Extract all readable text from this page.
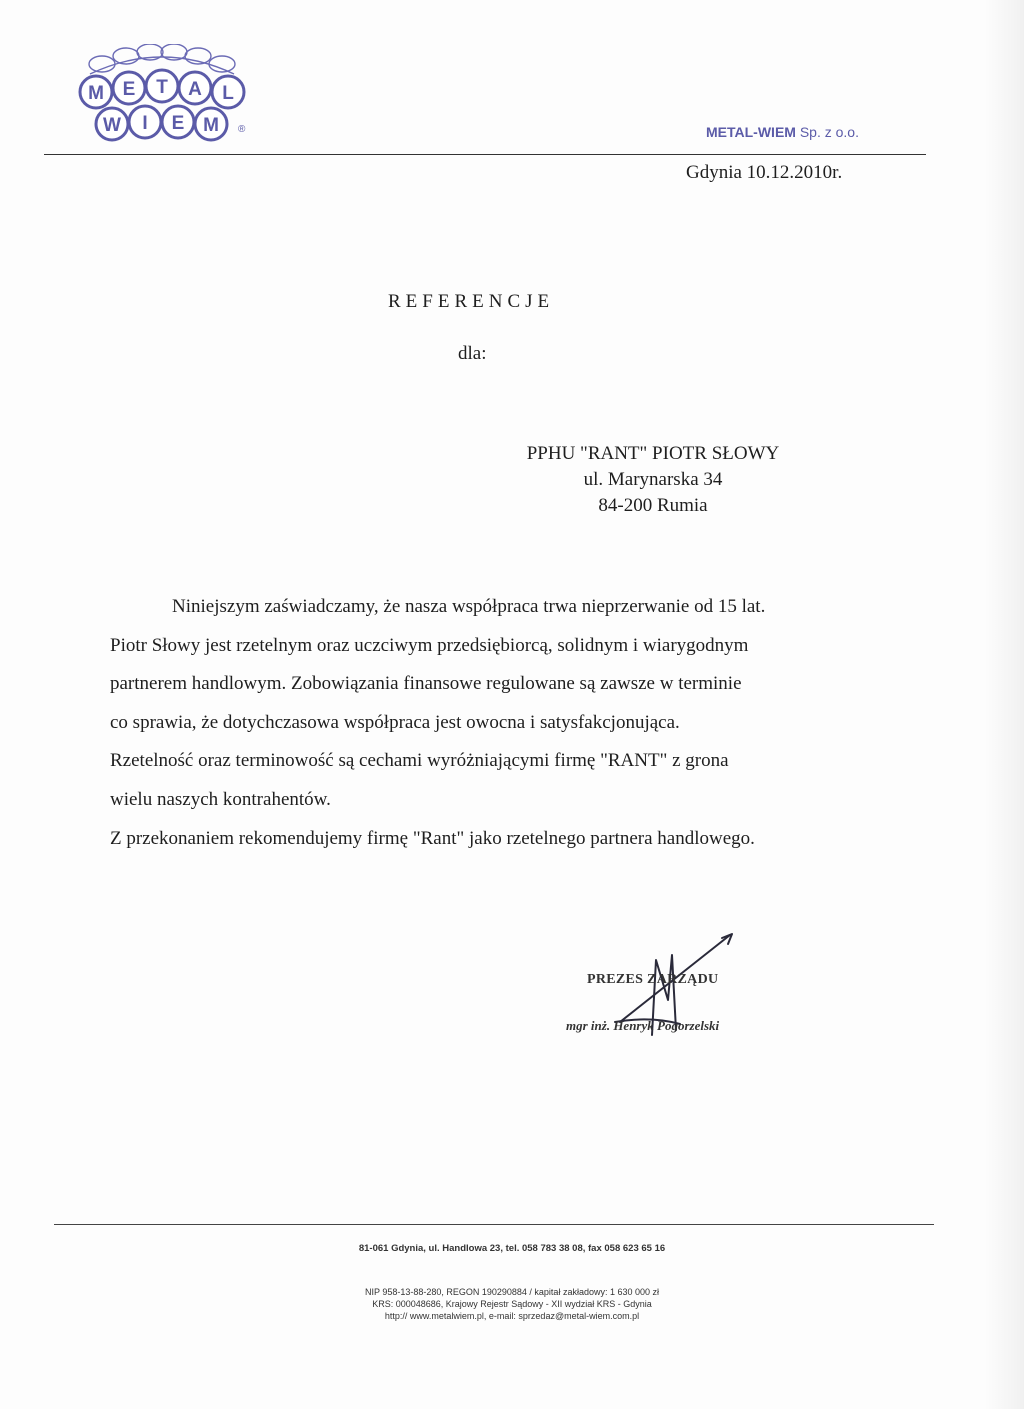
M E T A L
W I E M ®	METAL-WIEM Sp. z o.o.
Gdynia 10.12.2010r.
REFERENCJE
dla:
PPHU "RANT" PIOTR SŁOWY
ul. Marynarska 34
84-200 Rumia
Niniejszym zaświadczamy, że nasza współpraca trwa nieprzerwanie od 15 lat.
Piotr Słowy jest rzetelnym oraz uczciwym przedsiębiorcą, solidnym i wiarygodnym
partnerem handlowym. Zobowiązania finansowe regulowane są zawsze w terminie
co sprawia, że dotychczasowa współpraca jest owocna i satysfakcjonująca.
Rzetelność oraz terminowość są cechami wyróżniającymi firmę "RANT" z grona
wielu naszych kontrahentów.
Z przekonaniem rekomendujemy firmę "Rant" jako rzetelnego partnera handlowego.
PREZES ZARZĄDU
mgr inż. Henryk Pogorzelski
81-061 Gdynia, ul. Handlowa 23, tel. 058 783 38 08, fax 058 623 65 16
NIP 958-13-88-280, REGON 190290884 / kapitał zakładowy: 1 630 000 zł
KRS: 000048686, Krajowy Rejestr Sądowy - XII wydział KRS - Gdynia
http:// www.metalwiem.pl, e-mail: sprzedaz@metal-wiem.com.pl
